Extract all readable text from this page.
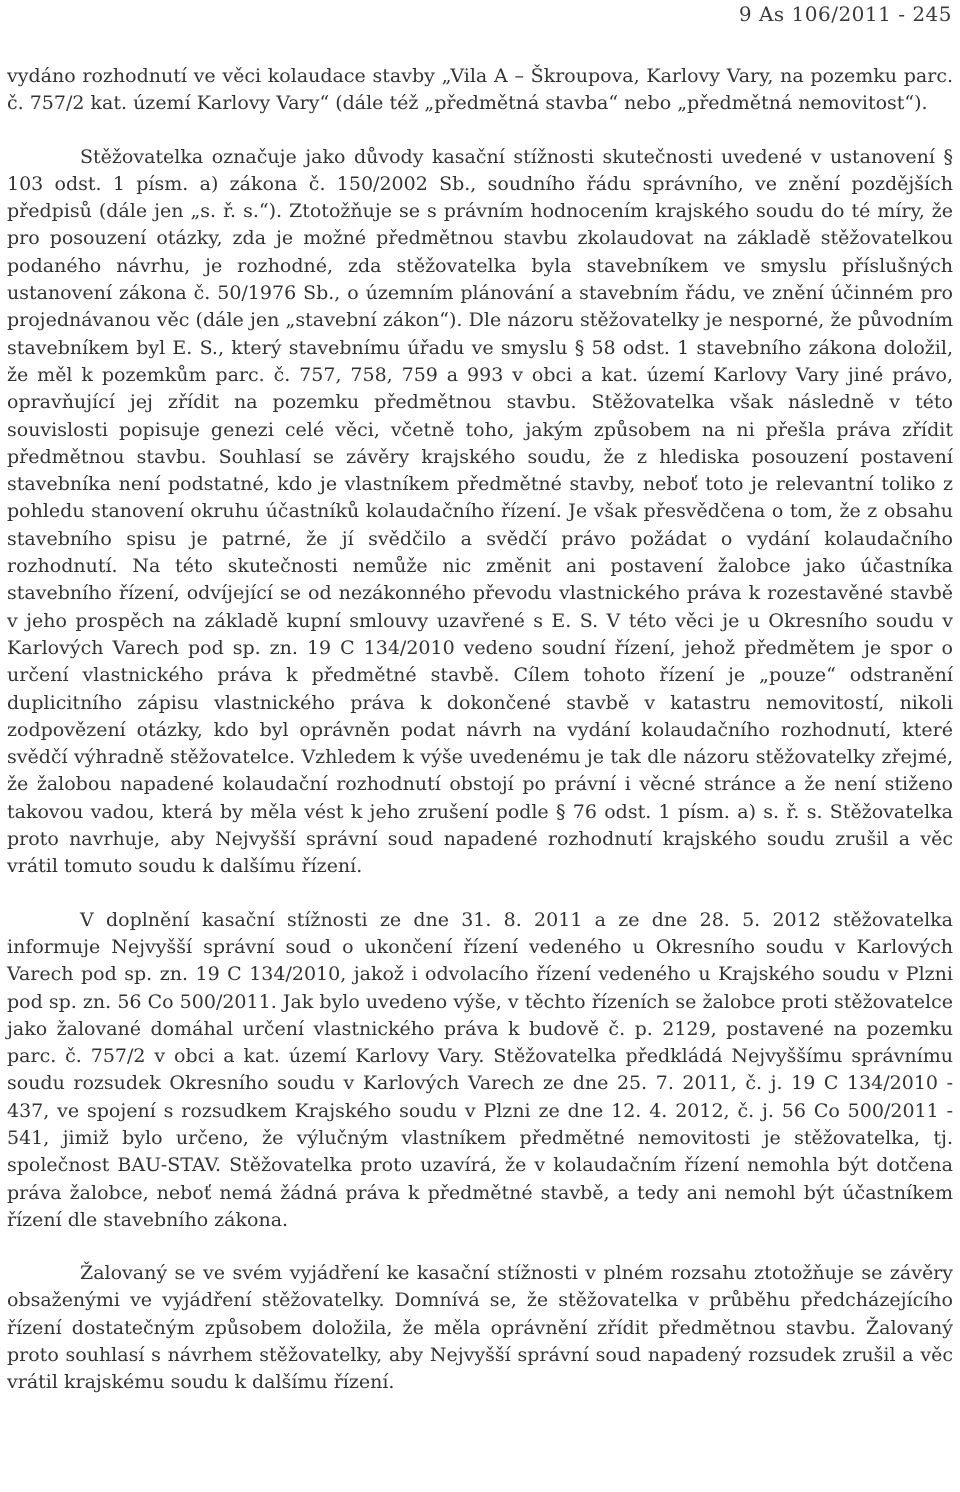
9 As 106/2011 - 245

vydáno rozhodnutí ve věci kolaudace stavby „Vila A – Škroupova, Karlovy Vary, na pozemku parc. č. 757/2 kat. území Karlovy Vary“ (dále též „předmětná stavba“ nebo „předmětná nemovitost“).

Stěžovatelka označuje jako důvody kasační stížnosti skutečnosti uvedené v ustanovení § 103 odst. 1 písm. a) zákona č. 150/2002 Sb., soudního řádu správního, ve znění pozdějších předpisů (dále jen „s. ř. s.“). Ztotožňuje se s právním hodnocením krajského soudu do té míry, že pro posouzení otázky, zda je možné předmětnou stavbu zkolaudovat na základě stěžovatelkou podaného návrhu, je rozhodné, zda stěžovatelka byla stavebníkem ve smyslu příslušných ustanovení zákona č. 50/1976 Sb., o územním plánování a stavebním řádu, ve znění účinném pro projednávanou věc (dále jen „stavební zákon“). Dle názoru stěžovatelky je nesporné, že původním stavebníkem byl E. S., který stavebnímu úřadu ve smyslu § 58 odst. 1 stavebního zákona doložil, že měl k pozemkům parc. č. 757, 758, 759 a 993 v obci a kat. území Karlovy Vary jiné právo, opravňující jej zřídit na pozemku předmětnou stavbu. Stěžovatelka však následně v této souvislosti popisuje genezi celé věci, včetně toho, jakým způsobem na ni přešla práva zřídit předmětnou stavbu. Souhlasí se závěry krajského soudu, že z hlediska posouzení postavení stavebníka není podstatné, kdo je vlastníkem předmětné stavby, neboť toto je relevantní toliko z pohledu stanovení okruhu účastníků kolaudačního řízení. Je však přesvědčena o tom, že z obsahu stavebního spisu je patrné, že jí svědčilo a svědčí právo požádat o vydání kolaudačního rozhodnutí. Na této skutečnosti nemůže nic změnit ani postavení žalobce jako účastníka stavebního řízení, odvíjející se od nezákonného převodu vlastnického práva k rozestavěné stavbě v jeho prospěch na základě kupní smlouvy uzavřené s E. S. V této věci je u Okresního soudu v Karlových Varech pod sp. zn. 19 C 134/2010 vedeno soudní řízení, jehož předmětem je spor o určení vlastnického práva k předmětné stavbě. Cílem tohoto řízení je „pouze“ odstranění duplicitního zápisu vlastnického práva k dokončené stavbě v katastru nemovitostí, nikoli zodpovězení otázky, kdo byl oprávněn podat návrh na vydání kolaudačního rozhodnutí, které svědčí výhradně stěžovatelce. Vzhledem k výše uvedenému je tak dle názoru stěžovatelky zřejmé, že žalobou napadené kolaudační rozhodnutí obstojí po právní i věcné stránce a že není stiženo takovou vadou, která by měla vést k jeho zrušení podle § 76 odst. 1 písm. a) s. ř. s. Stěžovatelka proto navrhuje, aby Nejvyšší správní soud napadené rozhodnutí krajského soudu zrušil a věc vrátil tomuto soudu k dalšímu řízení.

V doplnění kasační stížnosti ze dne 31. 8. 2011 a ze dne 28. 5. 2012 stěžovatelka informuje Nejvyšší správní soud o ukončení řízení vedeného u Okresního soudu v Karlových Varech pod sp. zn. 19 C 134/2010, jakož i odvolacího řízení vedeného u Krajského soudu v Plzni pod sp. zn. 56 Co 500/2011. Jak bylo uvedeno výše, v těchto řízeních se žalobce proti stěžovatelce jako žalované domáhal určení vlastnického práva k budově č. p. 2129, postavené na pozemku parc. č. 757/2 v obci a kat. území Karlovy Vary. Stěžovatelka předkládá Nejvyššímu správnímu soudu rozsudek Okresního soudu v Karlových Varech ze dne 25. 7. 2011, č. j. 19 C 134/2010 - 437, ve spojení s rozsudkem Krajského soudu v Plzni ze dne 12. 4. 2012, č. j. 56 Co 500/2011 - 541, jimiž bylo určeno, že výlučným vlastníkem předmětné nemovitosti je stěžovatelka, tj. společnost BAU-STAV. Stěžovatelka proto uzavírá, že v kolaudačním řízení nemohla být dotčena práva žalobce, neboť nemá žádná práva k předmětné stavbě, a tedy ani nemohl být účastníkem řízení dle stavebního zákona.

Žalovaný se ve svém vyjádření ke kasační stížnosti v plném rozsahu ztotožňuje se závěry obsaženými ve vyjádření stěžovatelky. Domnívá se, že stěžovatelka v průběhu předcházejícího řízení dostatečným způsobem doložila, že měla oprávnění zřídit předmětnou stavbu. Žalovaný proto souhlasí s návrhem stěžovatelky, aby Nejvyšší správní soud napadený rozsudek zrušil a věc vrátil krajskému soudu k dalšímu řízení.
